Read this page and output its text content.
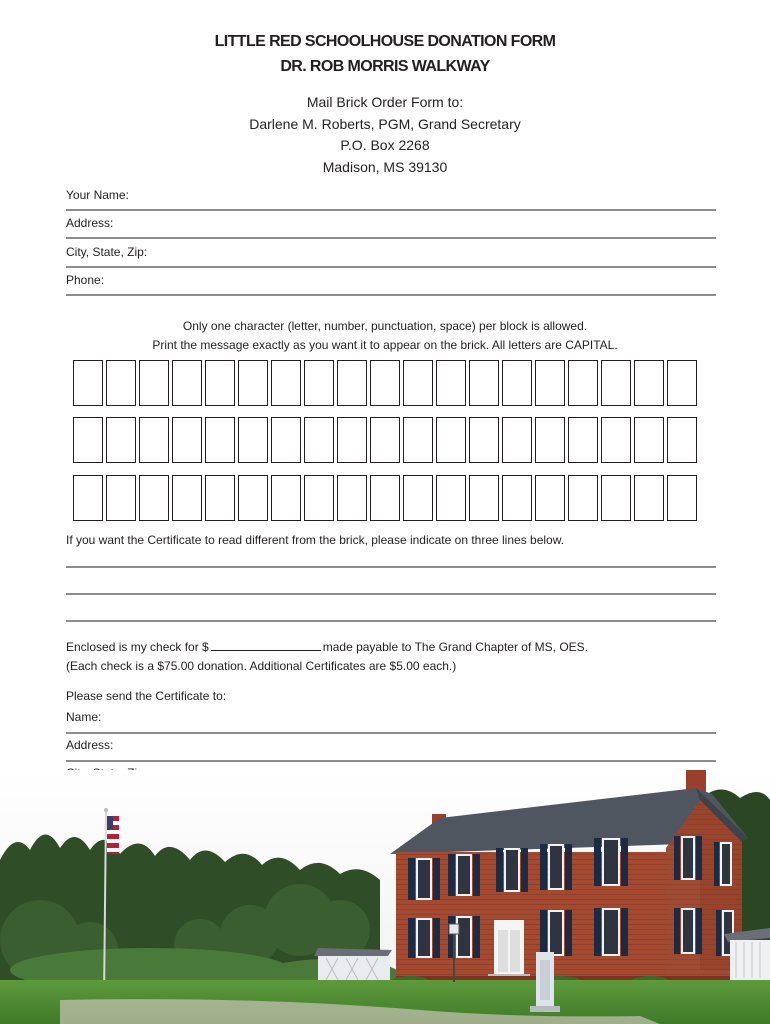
LITTLE RED SCHOOLHOUSE DONATION FORM
DR. ROB MORRIS WALKWAY
Mail Brick Order Form to:
Darlene M. Roberts, PGM, Grand Secretary
P.O. Box 2268
Madison, MS 39130
Your Name:
Address:
City, State, Zip:
Phone:
Only one character (letter, number, punctuation, space) per block is allowed.
Print the message exactly as you want it to appear on the brick. All letters are CAPITAL.
If you want the Certificate to read different from the brick, please indicate on three lines below.
Enclosed is my check for $	made payable to The Grand Chapter of MS, OES.
(Each check is a $75.00 donation. Additional Certificates are $5.00 each.)
Please send the Certificate to:
Name:
Address:
